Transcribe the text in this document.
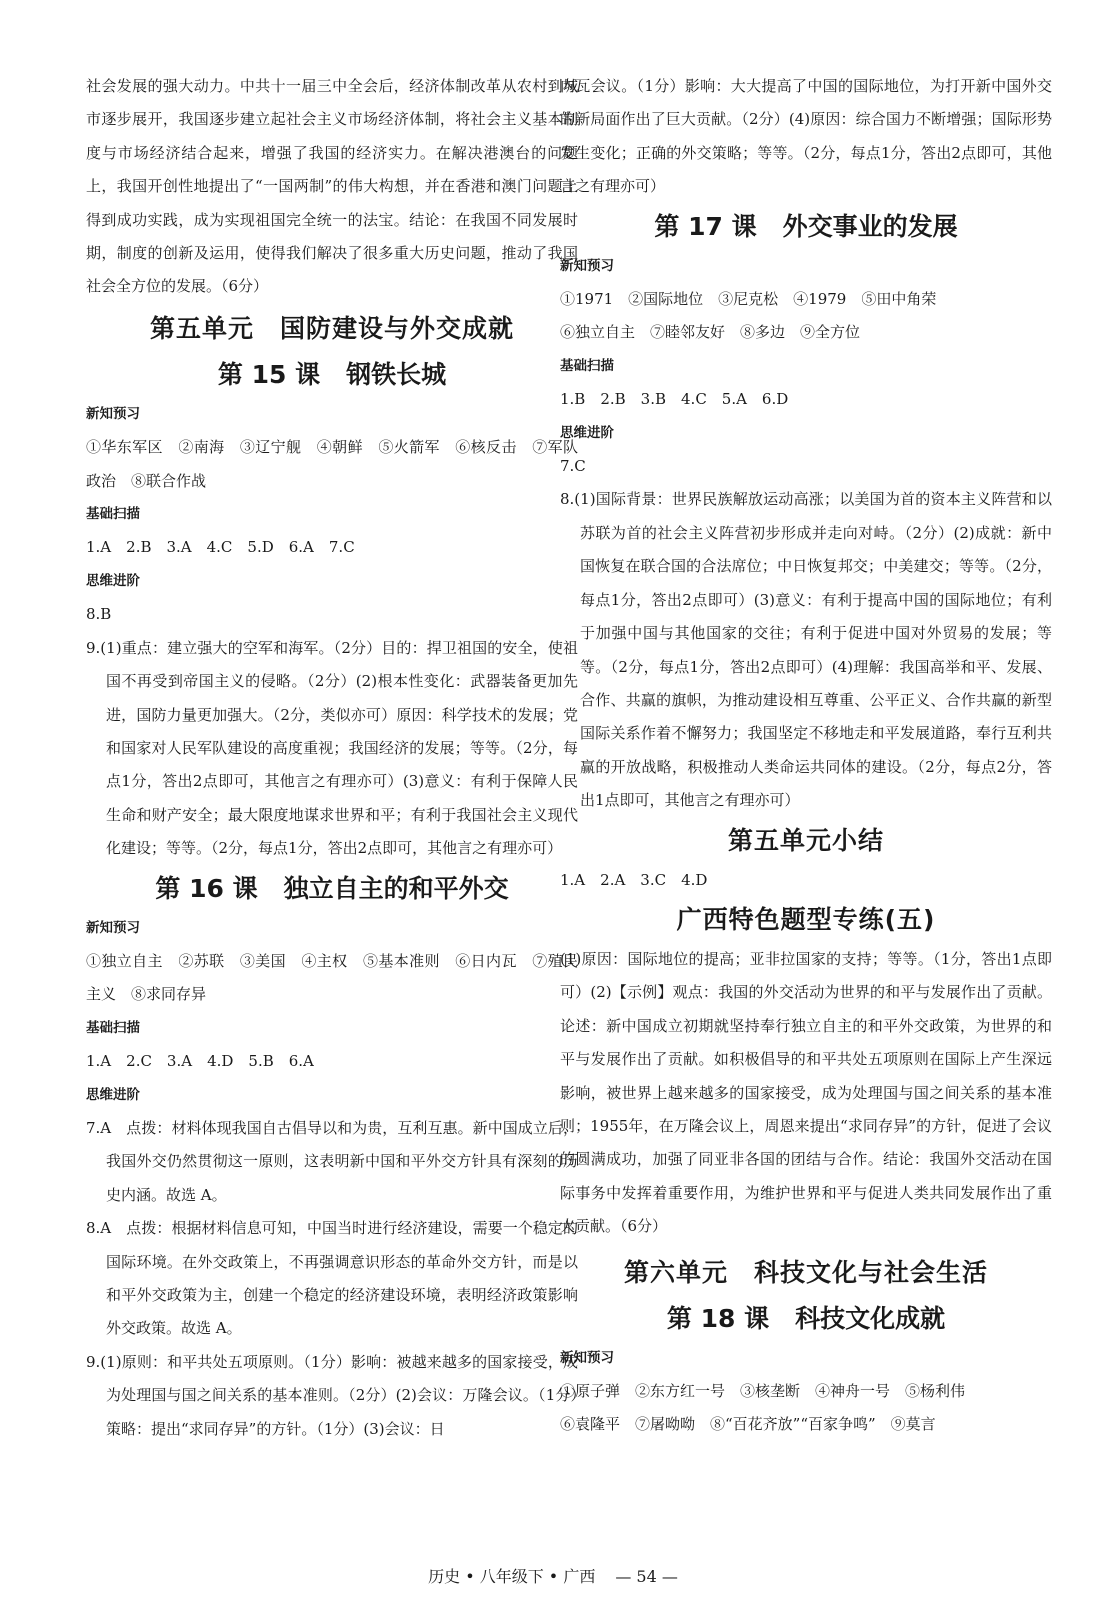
社会发展的强大动力。中共十一届三中全会后，经济体制改革从农村到城市逐步展开，我国逐步建立起社会主义市场经济体制，将社会主义基本制度与市场经济结合起来，增强了我国的经济实力。在解决港澳台的问题上，我国开创性地提出了“一国两制”的伟大构想，并在香港和澳门问题上得到成功实践，成为实现祖国完全统一的法宝。结论：在我国不同发展时期，制度的创新及运用，使得我们解决了很多重大历史问题，推动了我国社会全方位的发展。（6分）

第五单元　国防建设与外交成就

第 15 课 钢铁长城

新知预习

①华东军区　②南海　③辽宁舰　④朝鲜　⑤火箭军　⑥核反击　⑦军队政治　⑧联合作战

基础扫描

1.A　2.B　3.A　4.C　5.D　6.A　7.C

思维进阶

8.B

9.(1)重点：建立强大的空军和海军。（2分）目的：捍卫祖国的安全，使祖国不再受到帝国主义的侵略。（2分）(2)根本性变化：武器装备更加先进，国防力量更加强大。（2分，类似亦可）原因：科学技术的发展；党和国家对人民军队建设的高度重视；我国经济的发展；等等。（2分，每点1分，答出2点即可，其他言之有理亦可）(3)意义：有利于保障人民生命和财产安全；最大限度地谋求世界和平；有利于我国社会主义现代化建设；等等。（2分，每点1分，答出2点即可，其他言之有理亦可）

第 16 课 独立自主的和平外交

新知预习

①独立自主　②苏联　③美国　④主权　⑤基本准则　⑥日内瓦　⑦殖民主义　⑧求同存异

基础扫描

1.A　2.C　3.A　4.D　5.B　6.A

思维进阶

7.A　点拨：材料体现我国自古倡导以和为贵，互利互惠。新中国成立后，我国外交仍然贯彻这一原则，这表明新中国和平外交方针具有深刻的历史内涵。故选 A。

8.A　点拨：根据材料信息可知，中国当时进行经济建设，需要一个稳定的国际环境。在外交政策上，不再强调意识形态的革命外交方针，而是以和平外交政策为主，创建一个稳定的经济建设环境，表明经济政策影响外交政策。故选 A。

9.(1)原则：和平共处五项原则。（1分）影响：被越来越多的国家接受，成为处理国与国之间关系的基本准则。（2分）(2)会议：万隆会议。（1分）策略：提出“求同存异”的方针。（1分）(3)会议：日

内瓦会议。（1分）影响：大大提高了中国的国际地位，为打开新中国外交的新局面作出了巨大贡献。（2分）(4)原因：综合国力不断增强；国际形势发生变化；正确的外交策略；等等。（2分，每点1分，答出2点即可，其他言之有理亦可）

第 17 课 外交事业的发展

新知预习

①1971　②国际地位　③尼克松　④1979　⑤田中角荣

⑥独立自主　⑦睦邻友好　⑧多边　⑨全方位

基础扫描

1.B　2.B　3.B　4.C　5.A　6.D

思维进阶

7.C

8.(1)国际背景：世界民族解放运动高涨；以美国为首的资本主义阵营和以苏联为首的社会主义阵营初步形成并走向对峙。（2分）(2)成就：新中国恢复在联合国的合法席位；中日恢复邦交；中美建交；等等。（2分，每点1分，答出2点即可）(3)意义：有利于提高中国的国际地位；有利于加强中国与其他国家的交往；有利于促进中国对外贸易的发展；等等。（2分，每点1分，答出2点即可）(4)理解：我国高举和平、发展、合作、共赢的旗帜，为推动建设相互尊重、公平正义、合作共赢的新型国际关系作着不懈努力；我国坚定不移地走和平发展道路，奉行互利共赢的开放战略，积极推动人类命运共同体的建设。（2分，每点2分，答出1点即可，其他言之有理亦可）

第五单元小结

1.A　2.A　3.C　4.D

广西特色题型专练(五)

(1)原因：国际地位的提高；亚非拉国家的支持；等等。（1分，答出1点即可）(2)【示例】观点：我国的外交活动为世界的和平与发展作出了贡献。论述：新中国成立初期就坚持奉行独立自主的和平外交政策，为世界的和平与发展作出了贡献。如积极倡导的和平共处五项原则在国际上产生深远影响，被世界上越来越多的国家接受，成为处理国与国之间关系的基本准则；1955年，在万隆会议上，周恩来提出“求同存异”的方针，促进了会议的圆满成功，加强了同亚非各国的团结与合作。结论：我国外交活动在国际事务中发挥着重要作用，为维护世界和平与促进人类共同发展作出了重大贡献。（6分）

第六单元　科技文化与社会生活

第 18 课 科技文化成就

新知预习

①原子弹　②东方红一号　③核垄断　④神舟一号　⑤杨利伟

⑥袁隆平　⑦屠呦呦　⑧“百花齐放”“百家争鸣”　⑨莫言

历史 • 八年级下 • 广西 — 54 —
